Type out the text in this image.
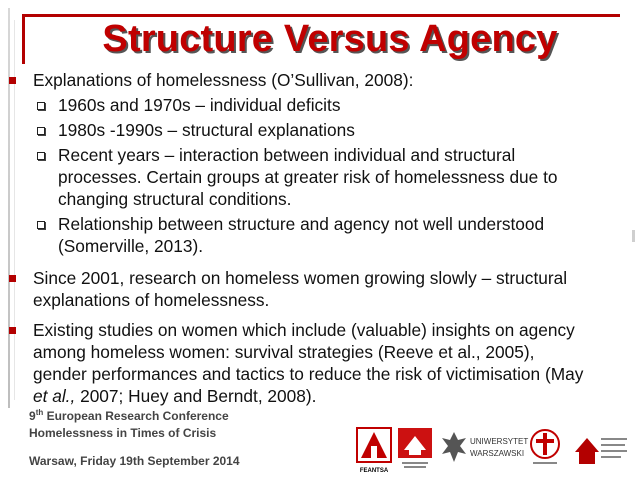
Structure Versus Agency
Explanations of homelessness (O’Sullivan, 2008):
1960s and 1970s – individual deficits
1980s -1990s – structural explanations
Recent years – interaction between individual and structural
processes. Certain groups at greater risk of homelessness due to
changing structural conditions.
Relationship between structure and agency not well understood
(Somerville, 2013).
Since 2001, research on homeless women growing slowly – structural
explanations of homelessness.
Existing studies on women which include (valuable) insights on agency
among homeless women: survival strategies (Reeve et al., 2005),
gender performances and tactics to reduce the risk of victimisation (May
et al., 2007; Huey and Berndt, 2008).
9th European Research Conference
Homelessness in Times of Crisis
Warsaw, Friday 19th September 2014
FEANTSA
UNIWERSYTET
WARSZAWSKI
